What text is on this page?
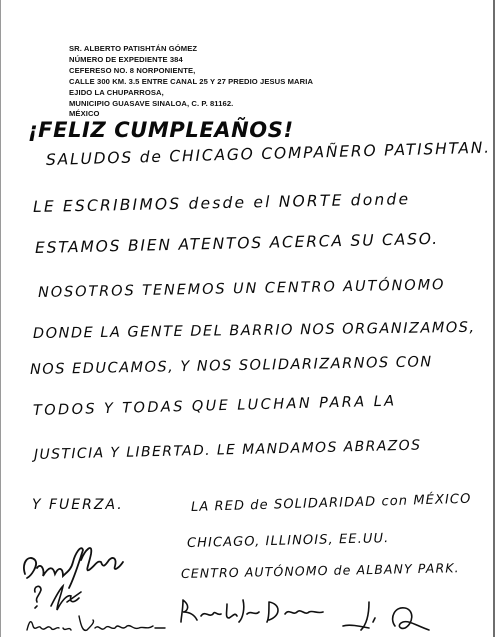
SR. ALBERTO PATISHTÁN GÓMEZ
NÚMERO DE EXPEDIENTE 384
CEFERESO NO. 8 NORPONIENTE,
CALLE 300 KM. 3.5 ENTRE CANAL 25 Y 27 PREDIO JESUS MARIA
EJIDO LA CHUPARROSA,
MUNICIPIO GUASAVE SINALOA, C. P. 81162.
MÉXICO
¡FELIZ CUMPLEAÑOS!
SALUDOS de CHICAGO COMPAÑERO PATISHTAN.
LE ESCRIBIMOS desde el NORTE donde
ESTAMOS BIEN ATENTOS ACERCA SU CASO.
NOSOTROS TENEMOS UN CENTRO AUTÓNOMO
DONDE LA GENTE DEL BARRIO NOS ORGANIZAMOS,
NOS EDUCAMOS, Y NOS SOLIDARIZARNOS CON
TODOS Y TODAS QUE LUCHAN PARA LA
JUSTICIA Y LIBERTAD. LE MANDAMOS ABRAZOS
Y FUERZA.	LA RED de SOLIDARIDAD con MÉXICO
CHICAGO, ILLINOIS, EE.UU.
CENTRO AUTÓNOMO de ALBANY PARK.
